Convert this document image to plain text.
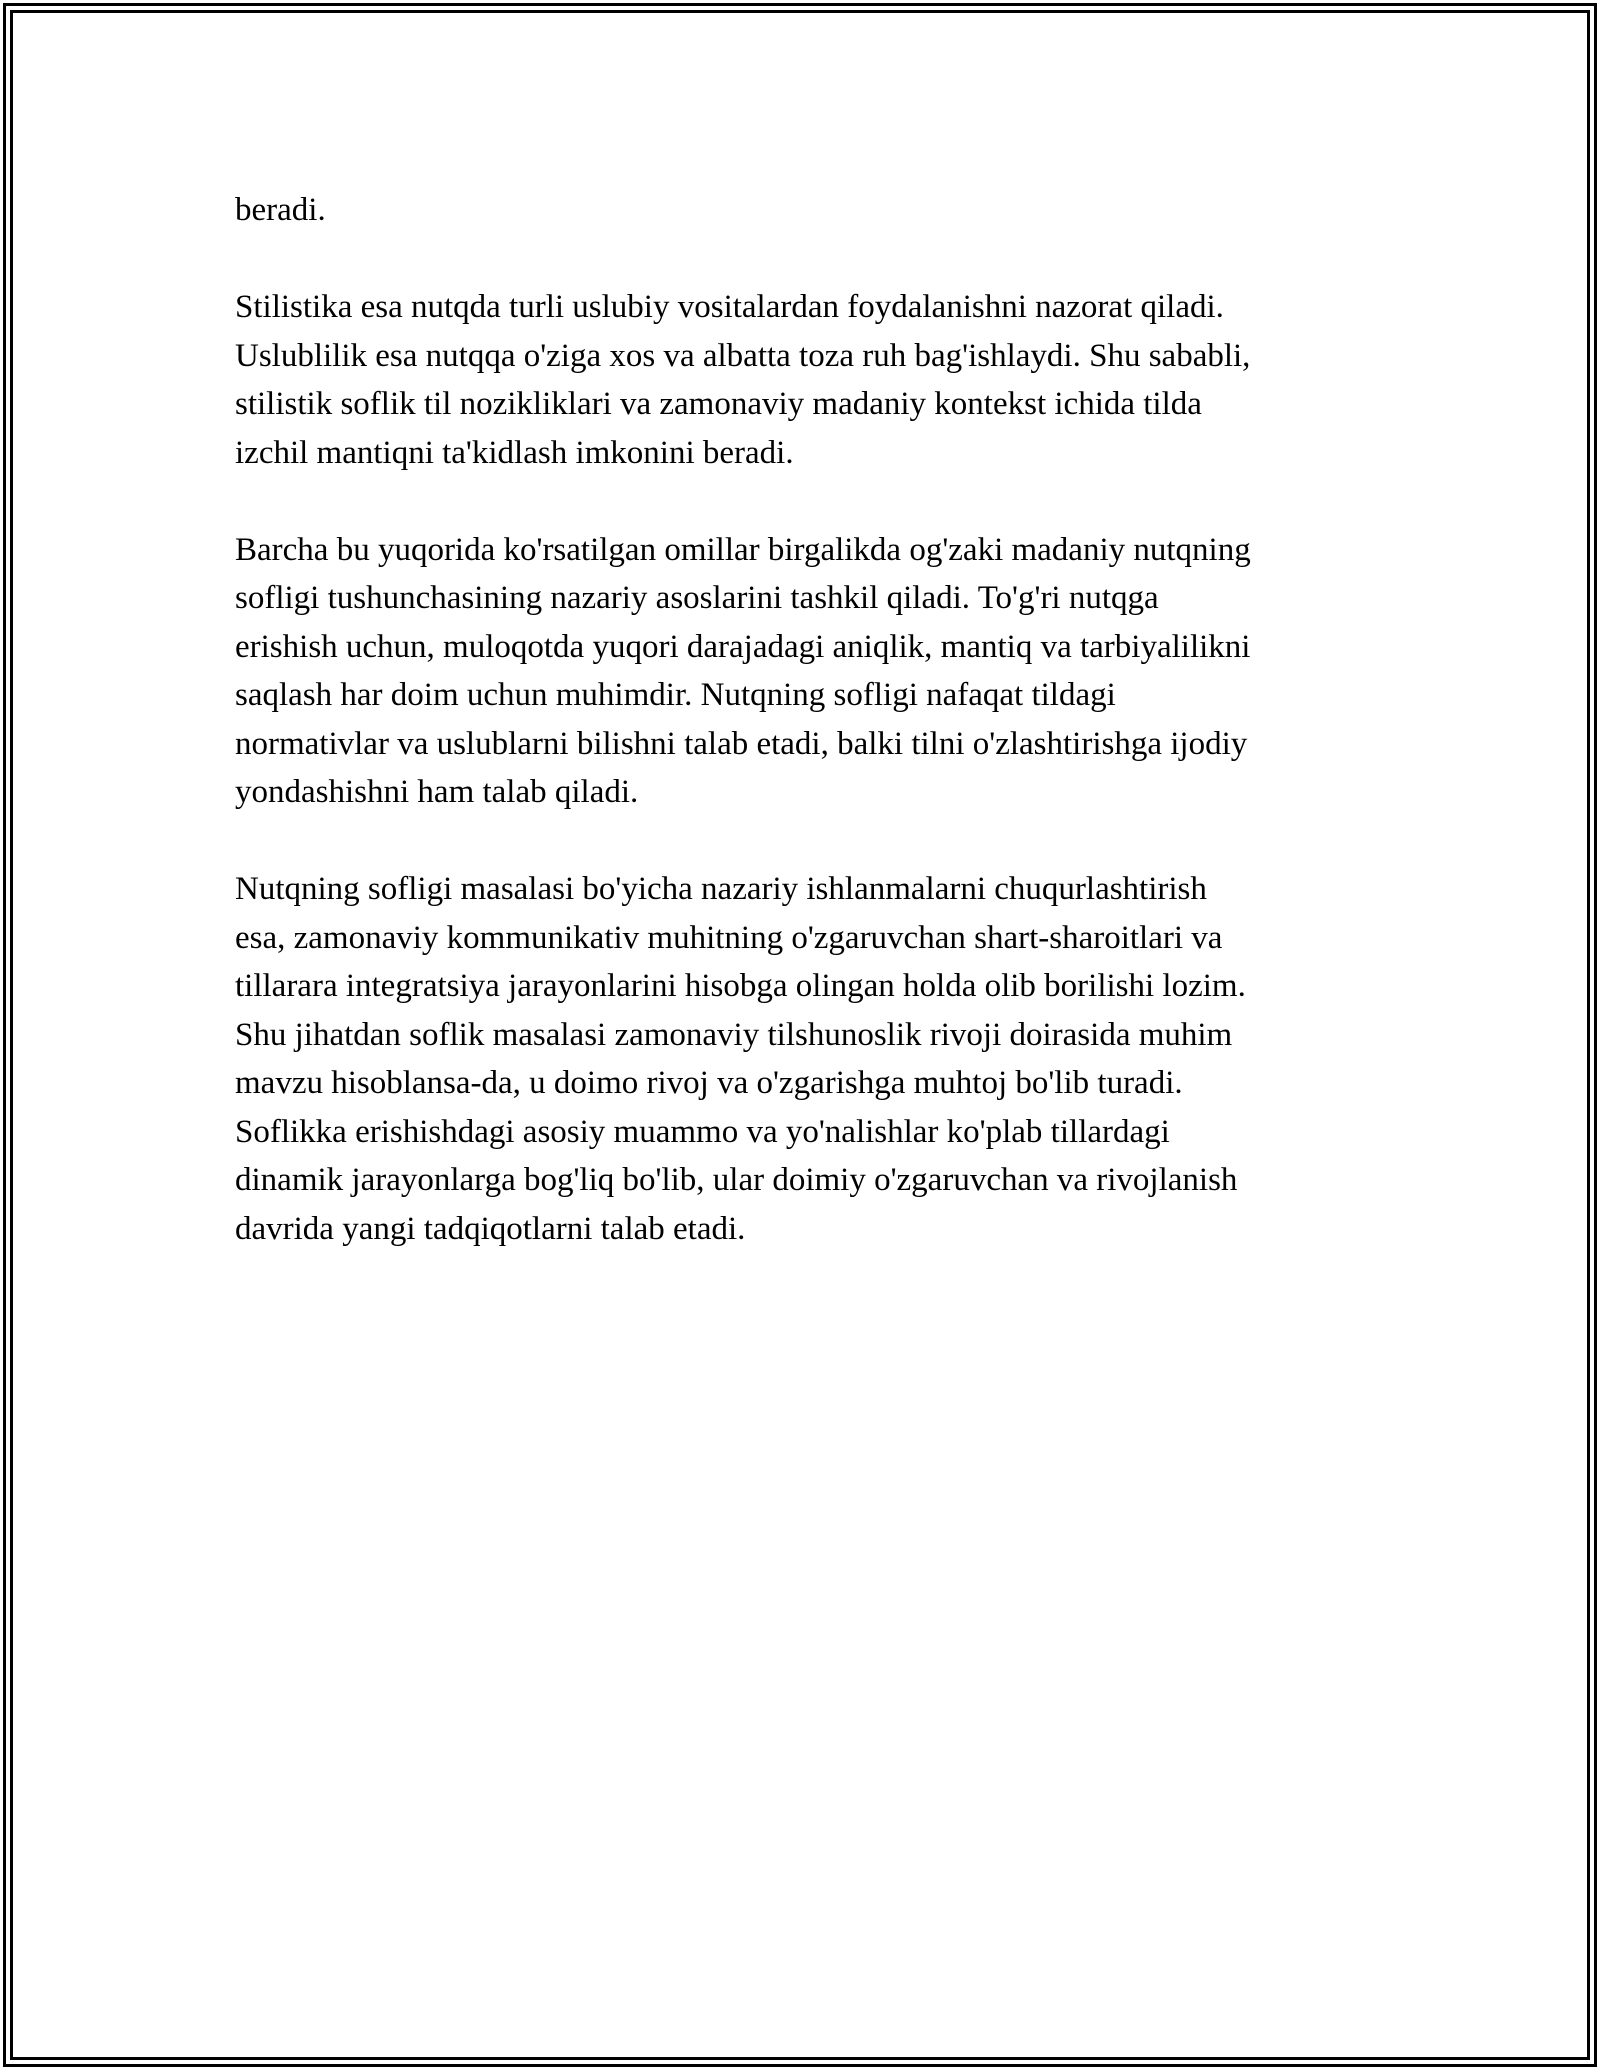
beradi.

Stilistika esa nutqda turli uslubiy vositalardan foydalanishni nazorat qiladi.
Uslublilik esa nutqqa o'ziga xos va albatta toza ruh bag'ishlaydi. Shu sababli,
stilistik soflik til nozikliklari va zamonaviy madaniy kontekst ichida tilda
izchil mantiqni ta'kidlash imkonini beradi.

Barcha bu yuqorida ko'rsatilgan omillar birgalikda og'zaki madaniy nutqning
sofligi tushunchasining nazariy asoslarini tashkil qiladi. To'g'ri nutqga
erishish uchun, muloqotda yuqori darajadagi aniqlik, mantiq va tarbiyalilikni
saqlash har doim uchun muhimdir. Nutqning sofligi nafaqat tildagi
normativlar va uslublarni bilishni talab etadi, balki tilni o'zlashtirishga ijodiy
yondashishni ham talab qiladi.

Nutqning sofligi masalasi bo'yicha nazariy ishlanmalarni chuqurlashtirish
esa, zamonaviy kommunikativ muhitning o'zgaruvchan shart-sharoitlari va
tillarara integratsiya jarayonlarini hisobga olingan holda olib borilishi lozim.
Shu jihatdan soflik masalasi zamonaviy tilshunoslik rivoji doirasida muhim
mavzu hisoblansa-da, u doimo rivoj va o'zgarishga muhtoj bo'lib turadi.
Soflikka erishishdagi asosiy muammo va yo'nalishlar ko'plab tillardagi
dinamik jarayonlarga bog'liq bo'lib, ular doimiy o'zgaruvchan va rivojlanish
davrida yangi tadqiqotlarni talab etadi.
